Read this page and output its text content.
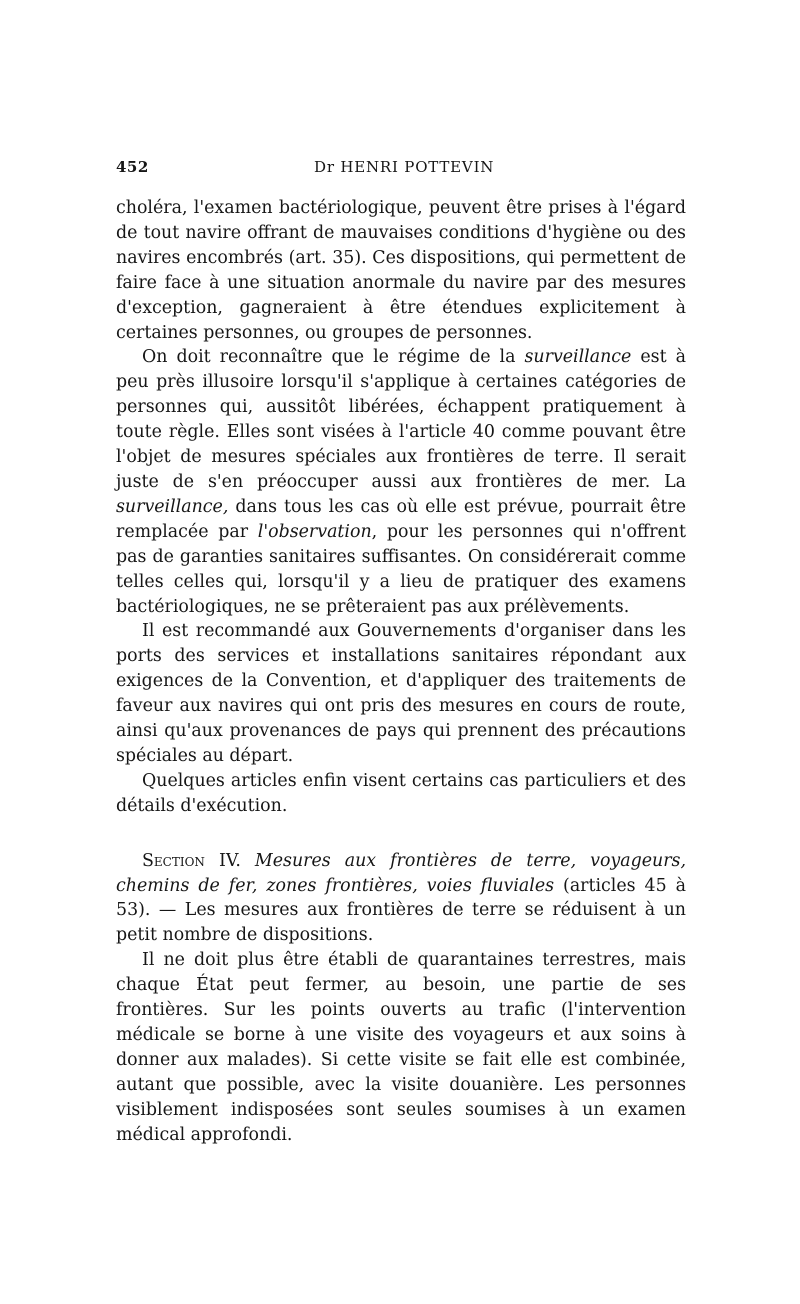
452	Dr HENRI POTTEVIN

choléra, l'examen bactériologique, peuvent être prises à l'égard de tout navire offrant de mauvaises conditions d'hygiène ou des navires encombrés (art. 35). Ces dispositions, qui permettent de faire face à une situation anormale du navire par des mesures d'exception, gagneraient à être étendues explicitement à certaines personnes, ou groupes de personnes.

On doit reconnaître que le régime de la surveillance est à peu près illusoire lorsqu'il s'applique à certaines catégories de personnes qui, aussitôt libérées, échappent pratiquement à toute règle. Elles sont visées à l'article 40 comme pouvant être l'objet de mesures spéciales aux frontières de terre. Il serait juste de s'en préoccuper aussi aux frontières de mer. La surveillance, dans tous les cas où elle est prévue, pourrait être remplacée par l'observation, pour les personnes qui n'offrent pas de garanties sanitaires suffisantes. On considérerait comme telles celles qui, lorsqu'il y a lieu de pratiquer des examens bactériologiques, ne se prêteraient pas aux prélèvements.

Il est recommandé aux Gouvernements d'organiser dans les ports des services et installations sanitaires répondant aux exigences de la Convention, et d'appliquer des traitements de faveur aux navires qui ont pris des mesures en cours de route, ainsi qu'aux provenances de pays qui prennent des précautions spéciales au départ.

Quelques articles enfin visent certains cas particuliers et des détails d'exécution.

Section IV. Mesures aux frontières de terre, voyageurs, chemins de fer, zones frontières, voies fluviales (articles 45 à 53). — Les mesures aux frontières de terre se réduisent à un petit nombre de dispositions.

Il ne doit plus être établi de quarantaines terrestres, mais chaque État peut fermer, au besoin, une partie de ses frontières. Sur les points ouverts au trafic (l'intervention médicale se borne à une visite des voyageurs et aux soins à donner aux malades). Si cette visite se fait elle est combinée, autant que possible, avec la visite douanière. Les personnes visiblement indisposées sont seules soumises à un examen médical approfondi.
